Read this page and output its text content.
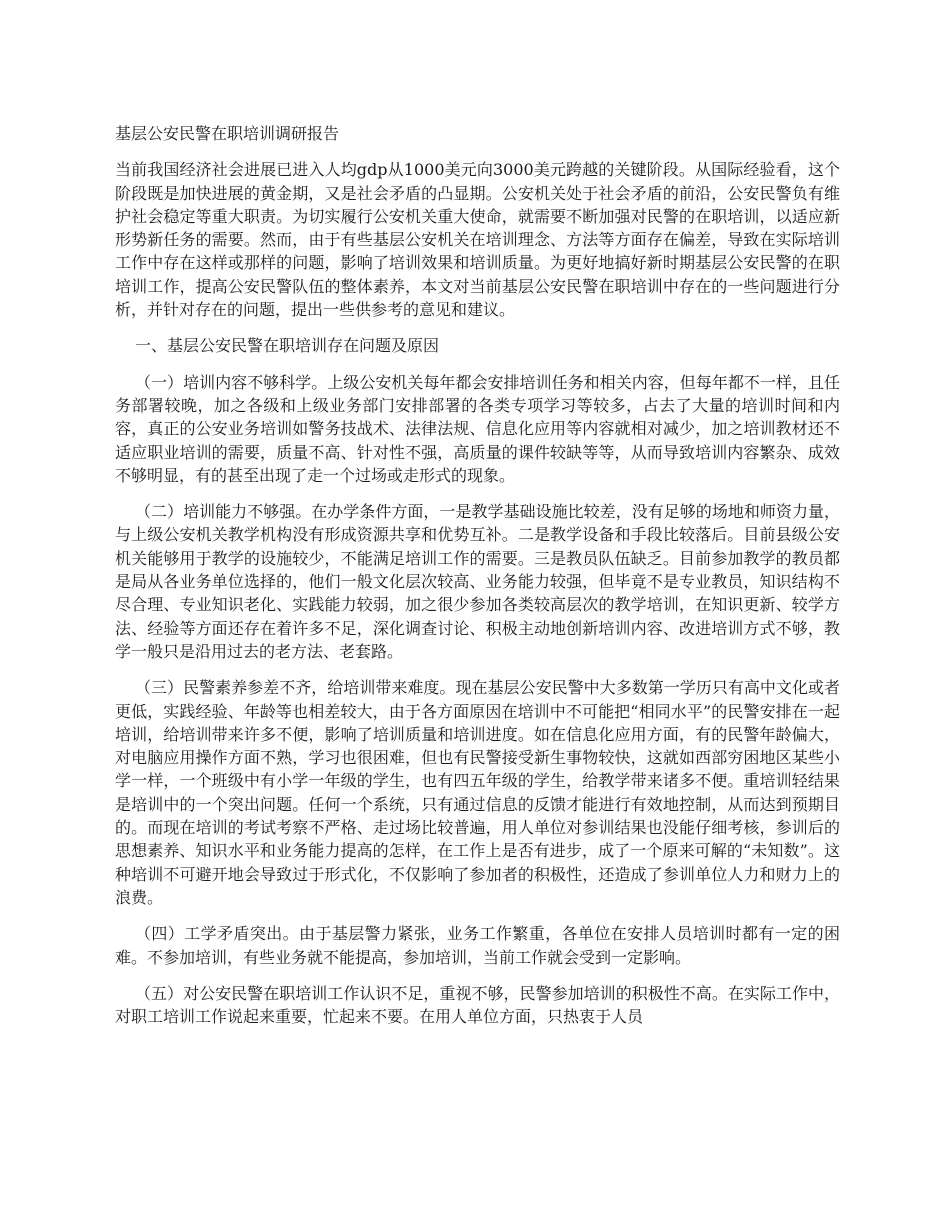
基层公安民警在职培训调研报告

当前我国经济社会进展已进入人均gdp从1000美元向3000美元跨越的关键阶段。从国际经验看，这个阶段既是加快进展的黄金期，又是社会矛盾的凸显期。公安机关处于社会矛盾的前沿，公安民警负有维护社会稳定等重大职责。为切实履行公安机关重大使命，就需要不断加强对民警的在职培训，以适应新形势新任务的需要。然而，由于有些基层公安机关在培训理念、方法等方面存在偏差，导致在实际培训工作中存在这样或那样的问题，影响了培训效果和培训质量。为更好地搞好新时期基层公安民警的在职培训工作，提高公安民警队伍的整体素养，本文对当前基层公安民警在职培训中存在的一些问题进行分析，并针对存在的问题，提出一些供参考的意见和建议。

一、基层公安民警在职培训存在问题及原因

（一）培训内容不够科学。上级公安机关每年都会安排培训任务和相关内容，但每年都不一样，且任务部署较晚，加之各级和上级业务部门安排部署的各类专项学习等较多，占去了大量的培训时间和内容，真正的公安业务培训如警务技战术、法律法规、信息化应用等内容就相对减少，加之培训教材还不适应职业培训的需要，质量不高、针对性不强，高质量的课件较缺等等，从而导致培训内容繁杂、成效不够明显，有的甚至出现了走一个过场或走形式的现象。

（二）培训能力不够强。在办学条件方面，一是教学基础设施比较差，没有足够的场地和师资力量，与上级公安机关教学机构没有形成资源共享和优势互补。二是教学设备和手段比较落后。目前县级公安机关能够用于教学的设施较少，不能满足培训工作的需要。三是教员队伍缺乏。目前参加教学的教员都是局从各业务单位选择的，他们一般文化层次较高、业务能力较强，但毕竟不是专业教员，知识结构不尽合理、专业知识老化、实践能力较弱，加之很少参加各类较高层次的教学培训，在知识更新、较学方法、经验等方面还存在着许多不足，深化调查讨论、积极主动地创新培训内容、改进培训方式不够，教学一般只是沿用过去的老方法、老套路。

（三）民警素养参差不齐，给培训带来难度。现在基层公安民警中大多数第一学历只有高中文化或者更低，实践经验、年龄等也相差较大，由于各方面原因在培训中不可能把“相同水平”的民警安排在一起培训，给培训带来许多不便，影响了培训质量和培训进度。如在信息化应用方面，有的民警年龄偏大，对电脑应用操作方面不熟，学习也很困难，但也有民警接受新生事物较快，这就如西部穷困地区某些小学一样，一个班级中有小学一年级的学生，也有四五年级的学生，给教学带来诸多不便。重培训轻结果是培训中的一个突出问题。任何一个系统，只有通过信息的反馈才能进行有效地控制，从而达到预期目的。而现在培训的考试考察不严格、走过场比较普遍，用人单位对参训结果也没能仔细考核，参训后的思想素养、知识水平和业务能力提高的怎样，在工作上是否有进步，成了一个原来可解的“未知数”。这种培训不可避开地会导致过于形式化，不仅影响了参加者的积极性，还造成了参训单位人力和财力上的浪费。

（四）工学矛盾突出。由于基层警力紧张，业务工作繁重，各单位在安排人员培训时都有一定的困难。不参加培训，有些业务就不能提高，参加培训，当前工作就会受到一定影响。

（五）对公安民警在职培训工作认识不足，重视不够，民警参加培训的积极性不高。在实际工作中，对职工培训工作说起来重要，忙起来不要。在用人单位方面，只热衷于人员
